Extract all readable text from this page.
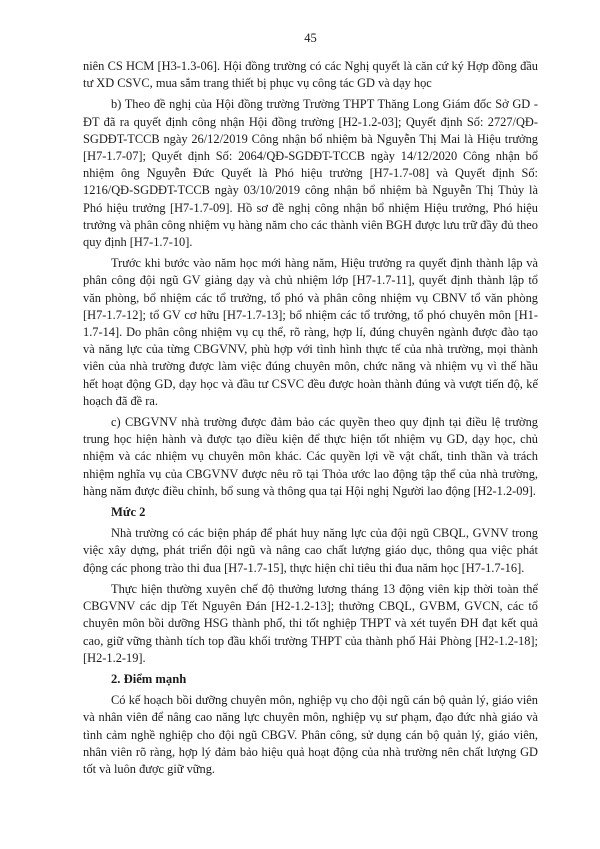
45

niên CS HCM [H3-1.3-06]. Hội đồng trường có các Nghị quyết là căn cứ ký Hợp đồng đầu tư XD CSVC, mua sắm trang thiết bị phục vụ công tác GD và dạy học

b) Theo đề nghị của Hội đồng trường Trường THPT Thăng Long Giám đốc Sở GD - ĐT đã ra quyết định công nhận Hội đồng trường [H2-1.2-03]; Quyết định Số: 2727/QĐ-SGDĐT-TCCB ngày 26/12/2019 Công nhận bổ nhiệm bà Nguyễn Thị Mai là Hiệu trưởng [H7-1.7-07]; Quyết định Số: 2064/QĐ-SGDĐT-TCCB ngày 14/12/2020 Công nhận bổ nhiệm ông Nguyễn Đức Quyết là Phó hiệu trưởng [H7-1.7-08] và Quyết định Số: 1216/QĐ-SGDĐT-TCCB ngày 03/10/2019 công nhận bổ nhiệm bà Nguyễn Thị Thủy là Phó hiệu trưởng [H7-1.7-09]. Hồ sơ đề nghị công nhận bổ nhiệm Hiệu trưởng, Phó hiệu trưởng và phân công nhiệm vụ hàng năm cho các thành viên BGH được lưu trữ đầy đủ theo quy định [H7-1.7-10].

Trước khi bước vào năm học mới hàng năm, Hiệu trưởng ra quyết định thành lập và phân công đội ngũ GV giảng dạy và chủ nhiệm lớp [H7-1.7-11], quyết định thành lập tổ văn phòng, bổ nhiệm các tổ trưởng, tổ phó và phân công nhiệm vụ CBNV tổ văn phòng [H7-1.7-12]; tổ GV cơ hữu [H7-1.7-13]; bổ nhiệm các tổ trưởng, tổ phó chuyên môn [H1-1.7-14]. Do phân công nhiệm vụ cụ thể, rõ ràng, hợp lí, đúng chuyên ngành được đào tạo và năng lực của từng CBGVNV, phù hợp với tình hình thực tế của nhà trường, mọi thành viên của nhà trường được làm việc đúng chuyên môn, chức năng và nhiệm vụ vì thế hầu hết hoạt động GD, dạy học và đầu tư CSVC đều được hoàn thành đúng và vượt tiến độ, kế hoạch đã đề ra.

c) CBGVNV nhà trường được đảm bảo các quyền theo quy định tại điều lệ trường trung học hiện hành và được tạo điều kiện để thực hiện tốt nhiệm vụ GD, dạy học, chủ nhiệm và các nhiệm vụ chuyên môn khác. Các quyền lợi về vật chất, tinh thần và trách nhiệm nghĩa vụ của CBGVNV được nêu rõ tại Thỏa ước lao động tập thể của nhà trường, hàng năm được điều chỉnh, bổ sung và thông qua tại Hội nghị Người lao động [H2-1.2-09].

Mức 2

Nhà trường có các biện pháp để phát huy năng lực của đội ngũ CBQL, GVNV trong việc xây dựng, phát triển đội ngũ và nâng cao chất lượng giáo dục, thông qua việc phát động các phong trào thi đua [H7-1.7-15], thực hiện chỉ tiêu thi đua năm học [H7-1.7-16].

Thực hiện thường xuyên chế độ thưởng lương tháng 13 động viên kịp thời toàn thể CBGVNV các dịp Tết Nguyên Đán [H2-1.2-13]; thưởng CBQL, GVBM, GVCN, các tổ chuyên môn bồi dưỡng HSG thành phố, thi tốt nghiệp THPT và xét tuyển ĐH đạt kết quả cao, giữ vững thành tích top đầu khối trường THPT của thành phố Hải Phòng [H2-1.2-18]; [H2-1.2-19].

2. Điểm mạnh

Có kế hoạch bồi dưỡng chuyên môn, nghiệp vụ cho đội ngũ cán bộ quản lý, giáo viên và nhân viên để nâng cao năng lực chuyên môn, nghiệp vụ sư phạm, đạo đức nhà giáo và tình cảm nghề nghiệp cho đội ngũ CBGV. Phân công, sử dụng cán bộ quản lý, giáo viên, nhân viên rõ ràng, hợp lý đảm bảo hiệu quả hoạt động của nhà trường nên chất lượng GD tốt và luôn được giữ vững.
